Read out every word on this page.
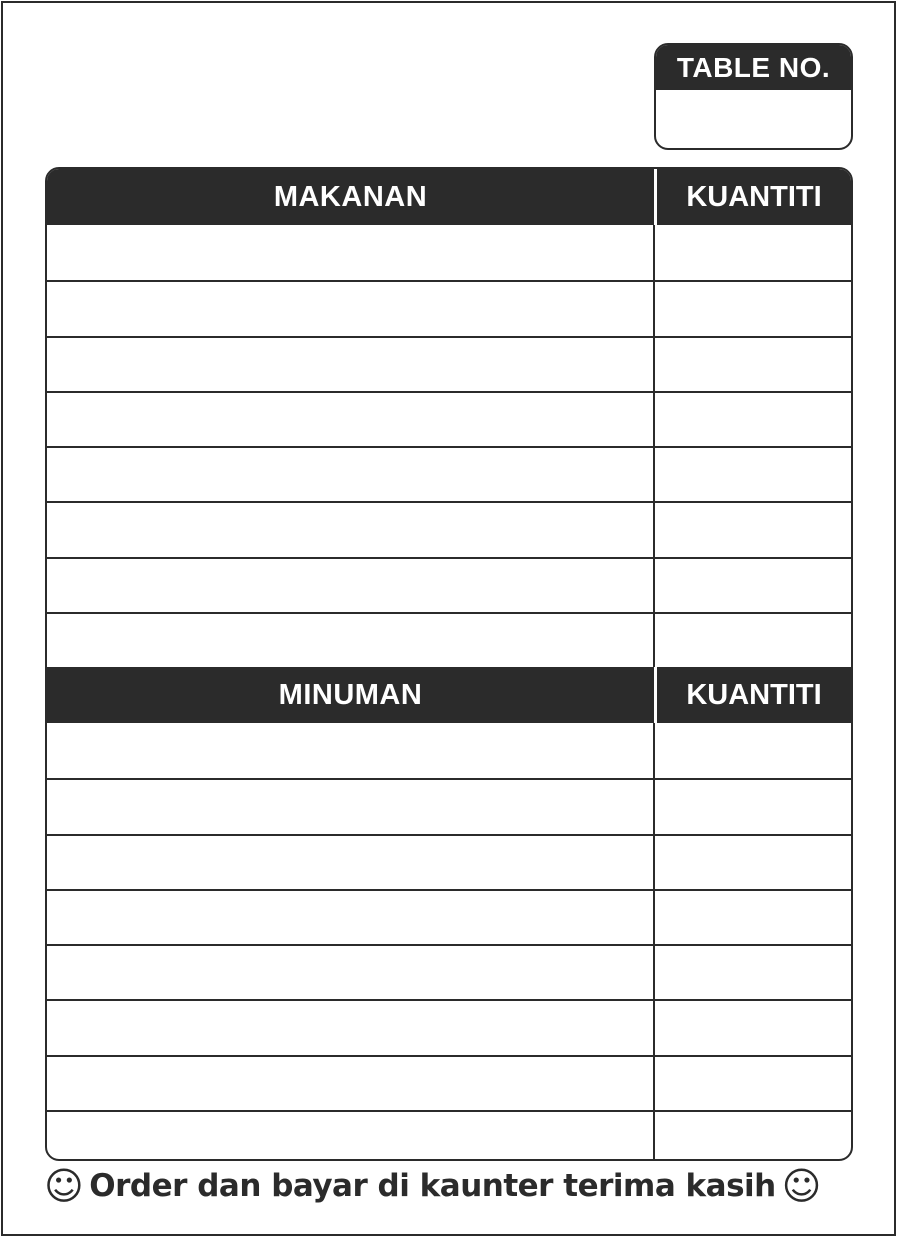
TABLE NO.
MAKANAN	KUANTITI
MINUMAN	KUANTITI
☺ Order dan bayar di kaunter terima kasih ☺
